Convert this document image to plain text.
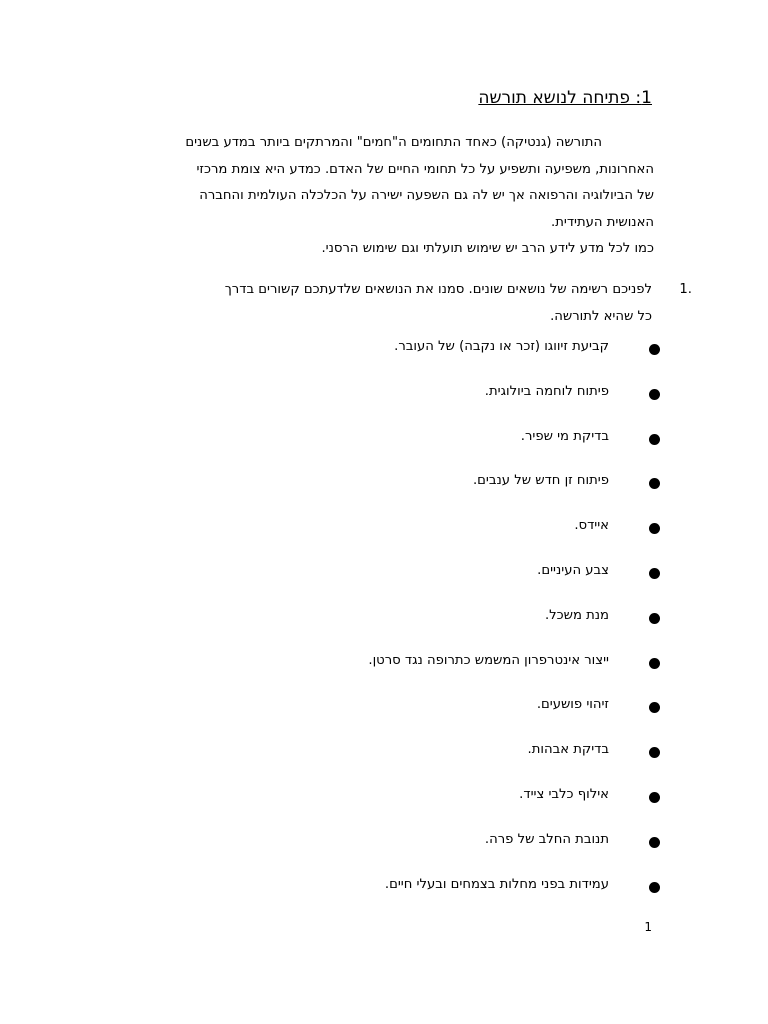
1: פתיחה לנושא תורשה
התורשה (גנטיקה) כאחד התחומים ה"חמים" והמרתקים ביותר במדע בשנים
האחרונות, משפיעה ותשפיע על כל תחומי החיים של האדם. כמדע היא צומת מרכזי
של הביולוגיה והרפואה אך יש לה גם השפעה ישירה על הכלכלה העולמית והחברה
האנושית העתידית.
כמו לכל מדע לידע הרב יש שימוש תועלתי וגם שימוש הרסני.
1.
לפניכם רשימה של נושאים שונים. סמנו את הנושאים שלדעתכם קשורים בדרך
כל שהיא לתורשה.
קביעת זיווגו (זכר או נקבה) של העובר.
פיתוח לוחמה ביולוגית.
בדיקת מי שפיר.
פיתוח זן חדש של ענבים.
איידס.
צבע העיניים.
מנת משכל.
ייצור אינטרפרון המשמש כתרופה נגד סרטן.
זיהוי פושעים.
בדיקת אבהות.
אילוף כלבי צייד.
תנובת החלב של פרה.
עמידות בפני מחלות בצמחים ובעלי חיים.
1
